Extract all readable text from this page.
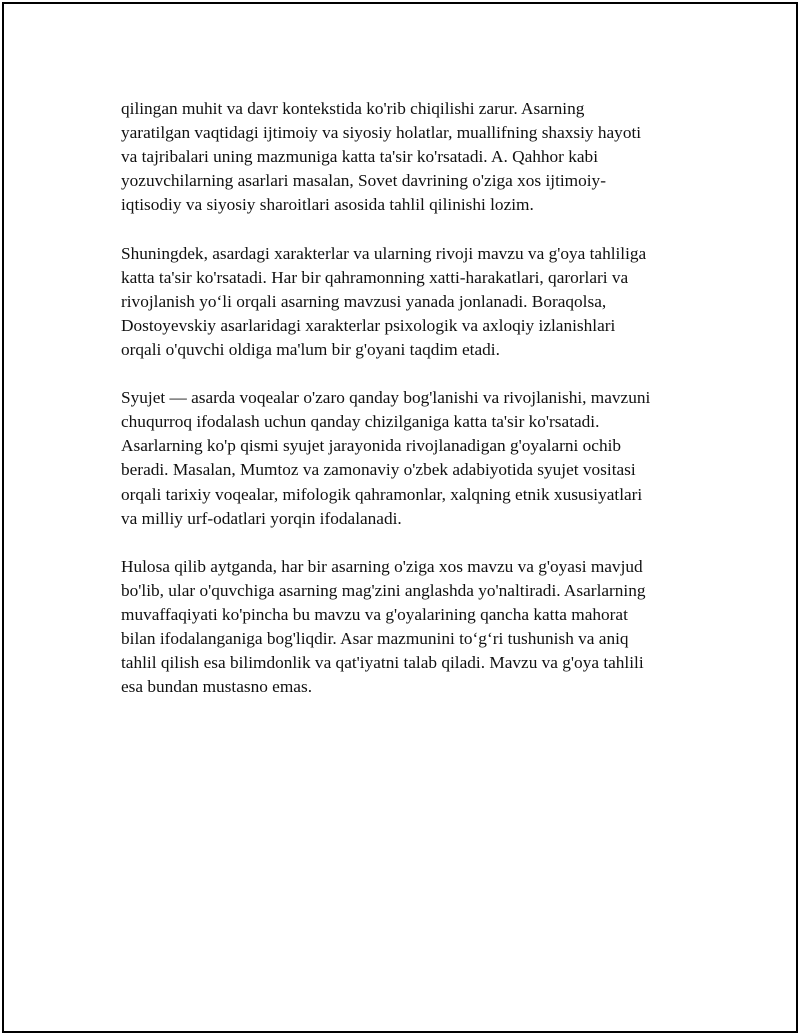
qilingan muhit va davr kontekstida ko'rib chiqilishi zarur. Asarning
yaratilgan vaqtidagi ijtimoiy va siyosiy holatlar, muallifning shaxsiy hayoti
va tajribalari uning mazmuniga katta ta'sir ko'rsatadi. A. Qahhor kabi
yozuvchilarning asarlari masalan, Sovet davrining o'ziga xos ijtimoiy-
iqtisodiy va siyosiy sharoitlari asosida tahlil qilinishi lozim.

Shuningdek, asardagi xarakterlar va ularning rivoji mavzu va g'oya tahliliga
katta ta'sir ko'rsatadi. Har bir qahramonning xatti-harakatlari, qarorlari va
rivojlanish yo‘li orqali asarning mavzusi yanada jonlanadi. Boraqolsa,
Dostoyevskiy asarlaridagi xarakterlar psixologik va axloqiy izlanishlari
orqali o'quvchi oldiga ma'lum bir g'oyani taqdim etadi.

Syujet — asarda voqealar o'zaro qanday bog'lanishi va rivojlanishi, mavzuni
chuqurroq ifodalash uchun qanday chizilganiga katta ta'sir ko'rsatadi.
Asarlarning ko'p qismi syujet jarayonida rivojlanadigan g'oyalarni ochib
beradi. Masalan, Mumtoz va zamonaviy o'zbek adabiyotida syujet vositasi
orqali tarixiy voqealar, mifologik qahramonlar, xalqning etnik xususiyatlari
va milliy urf-odatlari yorqin ifodalanadi.

Hulosa qilib aytganda, har bir asarning o'ziga xos mavzu va g'oyasi mavjud
bo'lib, ular o'quvchiga asarning mag'zini anglashda yo'naltiradi. Asarlarning
muvaffaqiyati ko'pincha bu mavzu va g'oyalarining qancha katta mahorat
bilan ifodalanganiga bog'liqdir. Asar mazmunini to‘g‘ri tushunish va aniq
tahlil qilish esa bilimdonlik va qat'iyatni talab qiladi. Mavzu va g'oya tahlili
esa bundan mustasno emas.
